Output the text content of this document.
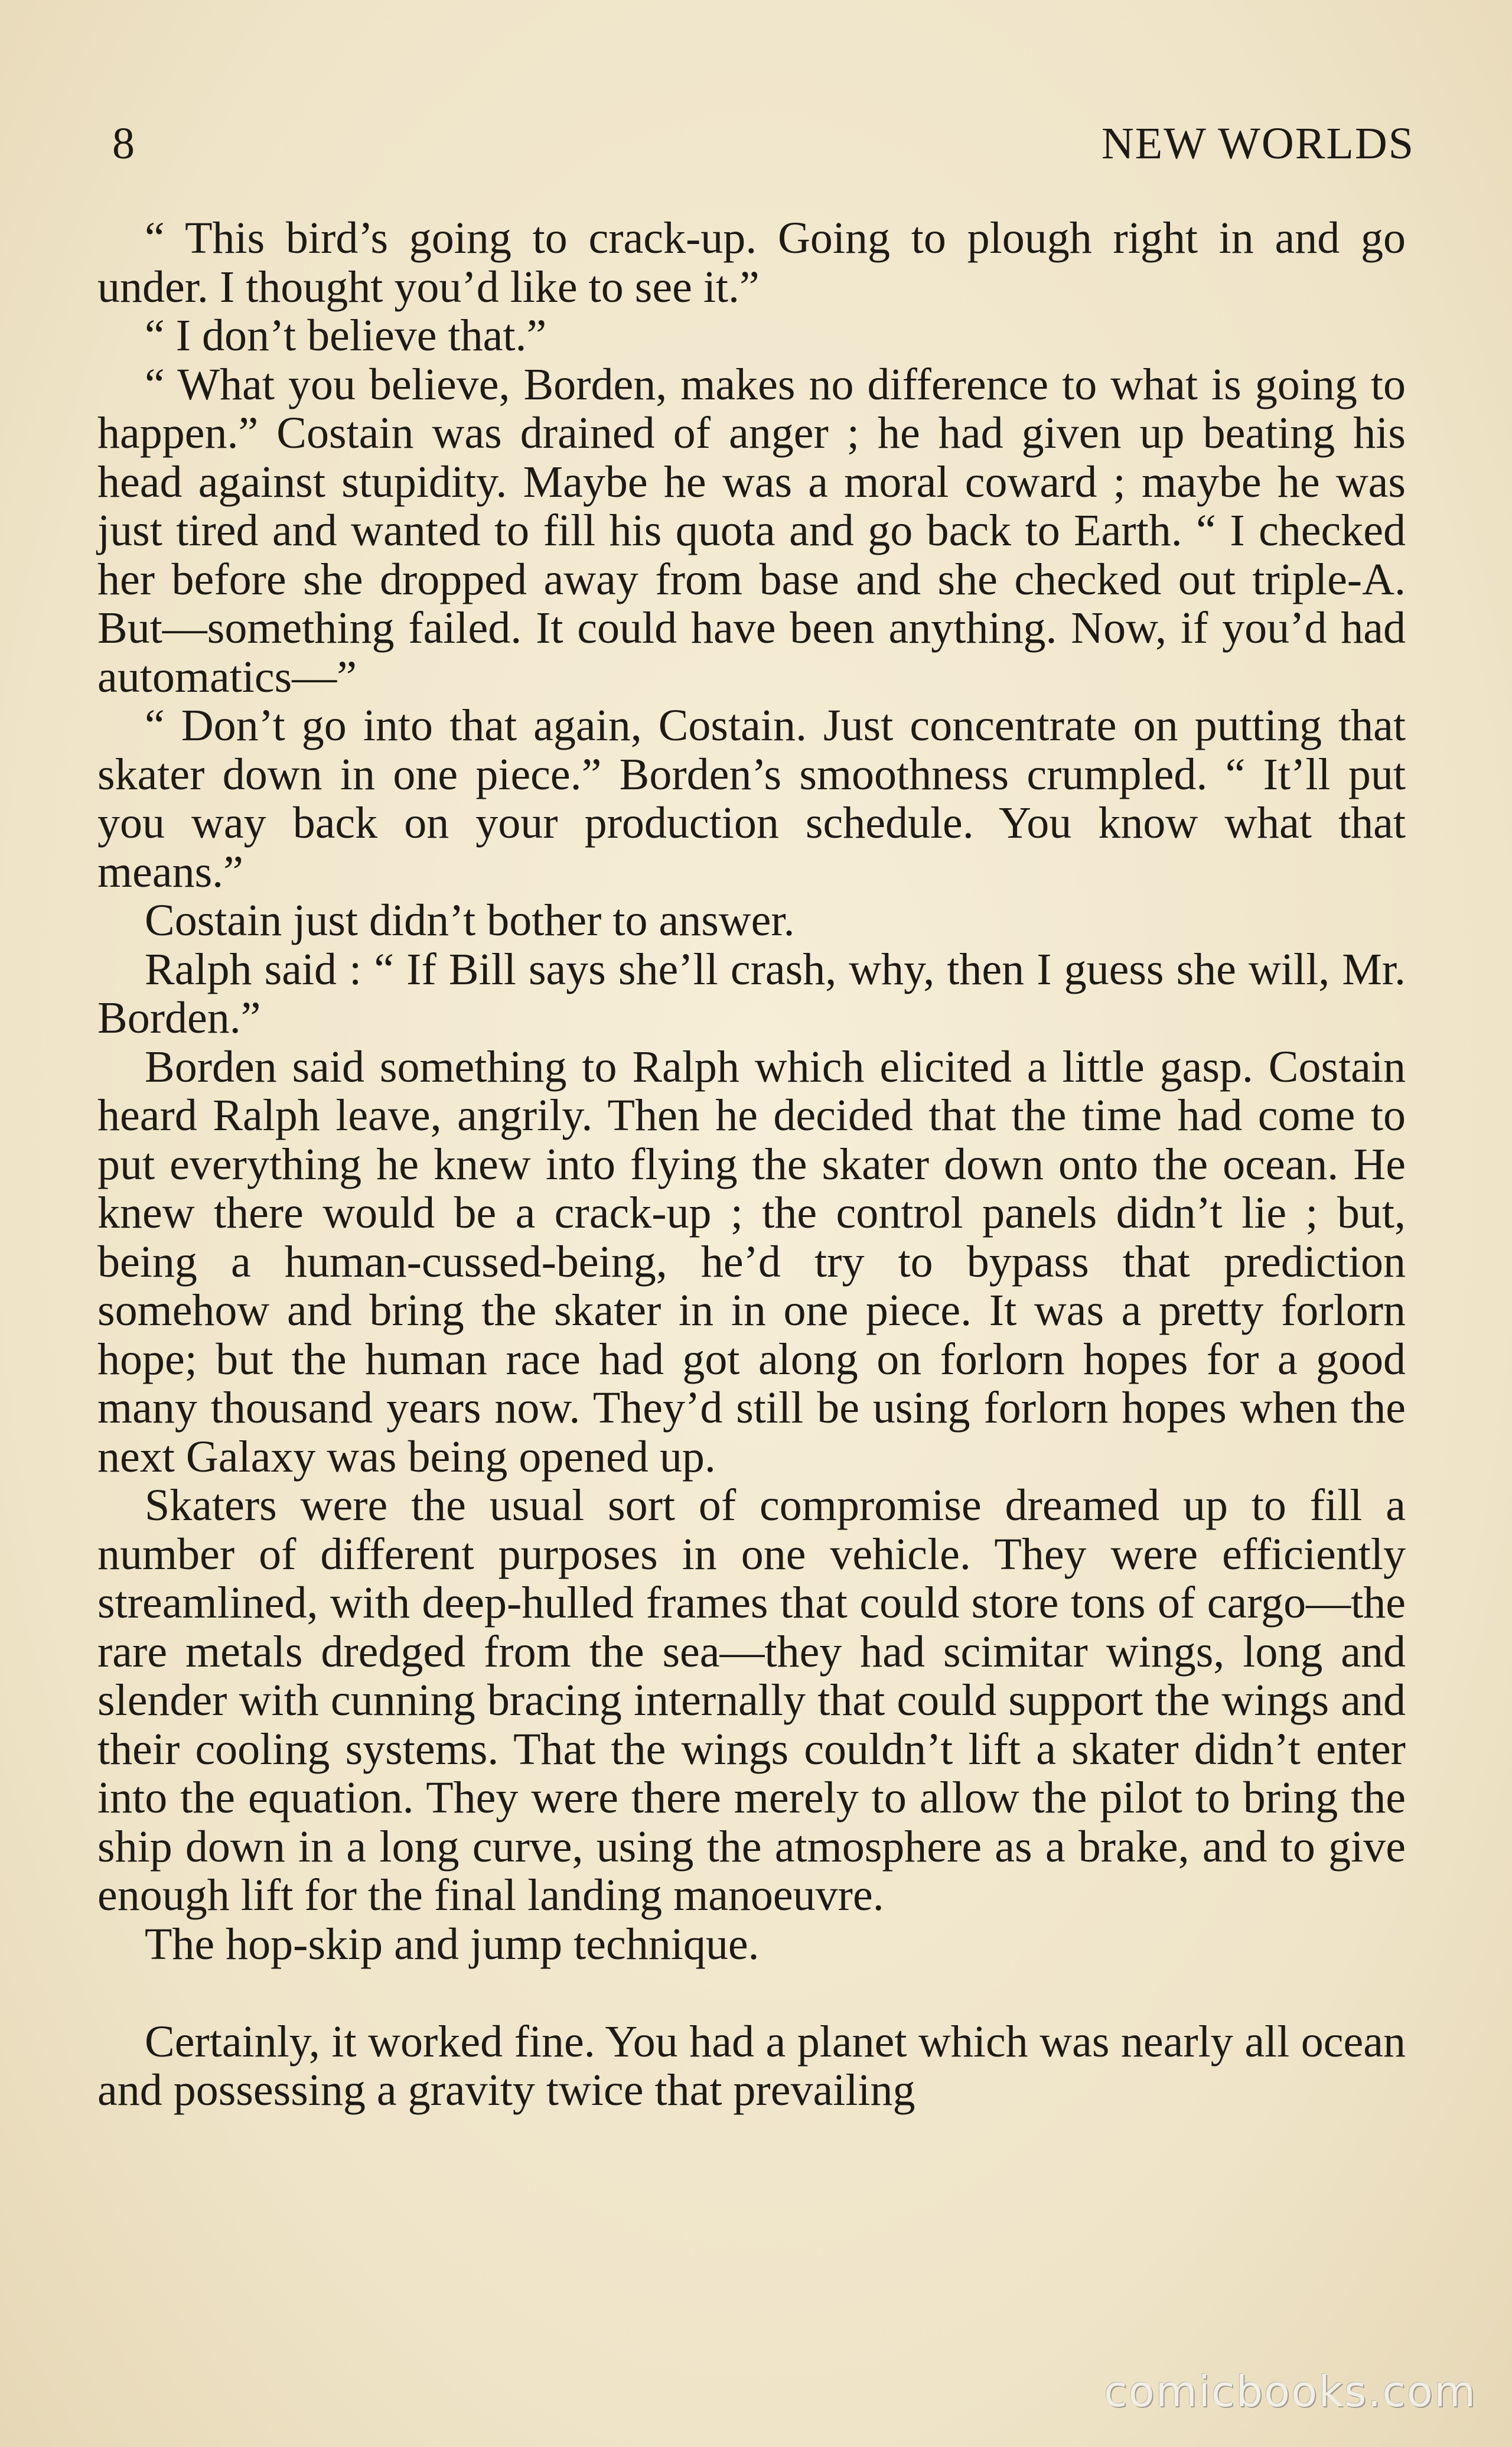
8	NEW WORLDS

“ This bird’s going to crack-up. Going to plough right in and go under. I thought you’d like to see it.”

“ I don’t believe that.”

“ What you believe, Borden, makes no difference to what is going to happen.” Costain was drained of anger ; he had given up beating his head against stupidity. Maybe he was a moral coward ; maybe he was just tired and wanted to fill his quota and go back to Earth. “ I checked her before she dropped away from base and she checked out triple-A. But—something failed. It could have been anything. Now, if you’d had automatics—”

“ Don’t go into that again, Costain. Just concentrate on putting that skater down in one piece.” Borden’s smoothness crumpled. “ It’ll put you way back on your production schedule. You know what that means.”

Costain just didn’t bother to answer.

Ralph said : “ If Bill says she’ll crash, why, then I guess she will, Mr. Borden.”

Borden said something to Ralph which elicited a little gasp. Costain heard Ralph leave, angrily. Then he decided that the time had come to put everything he knew into flying the skater down onto the ocean. He knew there would be a crack-up ; the control panels didn’t lie ; but, being a human-cussed-being, he’d try to bypass that prediction somehow and bring the skater in in one piece. It was a pretty forlorn hope; but the human race had got along on forlorn hopes for a good many thousand years now. They’d still be using forlorn hopes when the next Galaxy was being opened up.

Skaters were the usual sort of compromise dreamed up to fill a number of different purposes in one vehicle. They were efficiently streamlined, with deep-hulled frames that could store tons of cargo—the rare metals dredged from the sea—they had scimitar wings, long and slender with cunning bracing internally that could support the wings and their cooling systems. That the wings couldn’t lift a skater didn’t enter into the equation. They were there merely to allow the pilot to bring the ship down in a long curve, using the atmosphere as a brake, and to give enough lift for the final landing manoeuvre.

The hop-skip and jump technique.

Certainly, it worked fine. You had a planet which was nearly all ocean and possessing a gravity twice that prevailing

comicbooks.com
